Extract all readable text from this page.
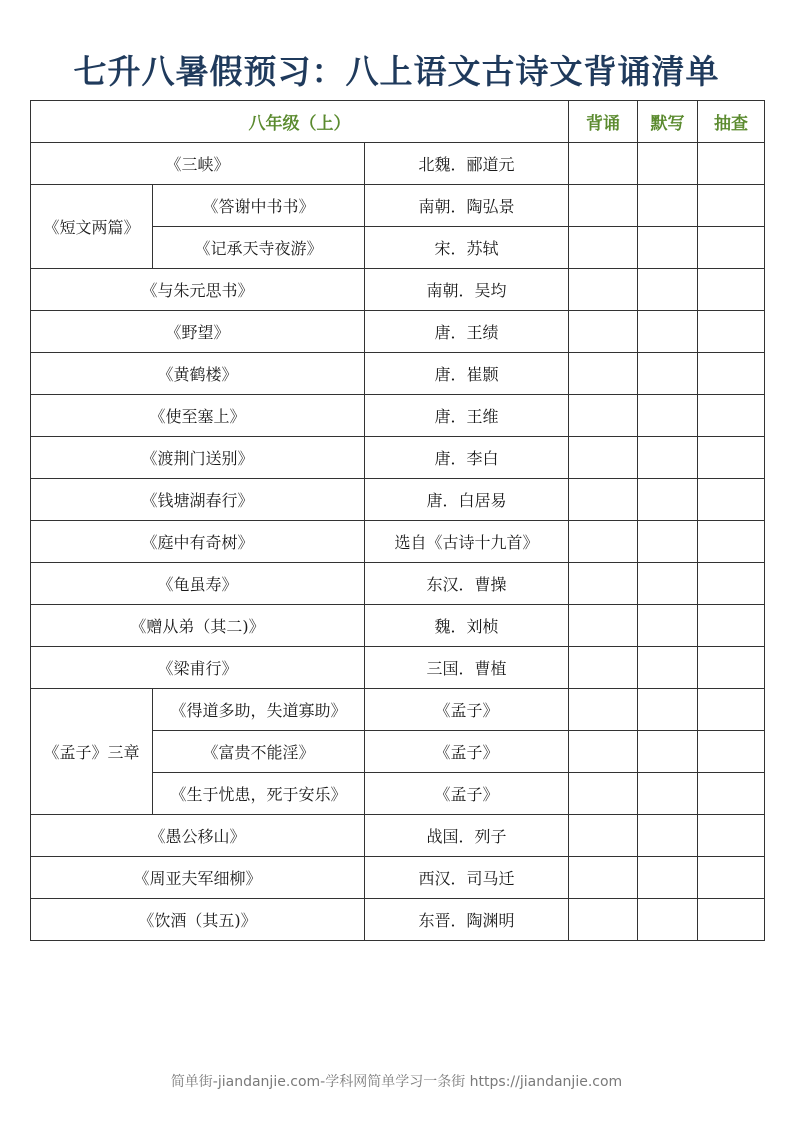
七升八暑假预习：八上语文古诗文背诵清单
八年级（上）			背诵	默写	抽查
《三峡》		北魏．郦道元			
《短文两篇》	《答谢中书书》	南朝．陶弘景			
	《记承天寺夜游》	宋．苏轼			
《与朱元思书》		南朝．吴均			
《野望》		唐．王绩			
《黄鹤楼》		唐．崔颢			
《使至塞上》		唐．王维			
《渡荆门送别》		唐．李白			
《钱塘湖春行》		唐．白居易			
《庭中有奇树》		选自《古诗十九首》			
《龟虽寿》		东汉．曹操			
《赠从弟（其二)》		魏．刘桢			
《梁甫行》		三国．曹植			
《孟子》三章	《得道多助，失道寡助》	《孟子》			
	《富贵不能淫》	《孟子》			
	《生于忧患，死于安乐》	《孟子》			
《愚公移山》		战国．列子			
《周亚夫军细柳》		西汉．司马迁			
《饮酒（其五)》		东晋．陶渊明			
简单街-jiandanjie.com-学科网简单学习一条街 https://jiandanjie.com
